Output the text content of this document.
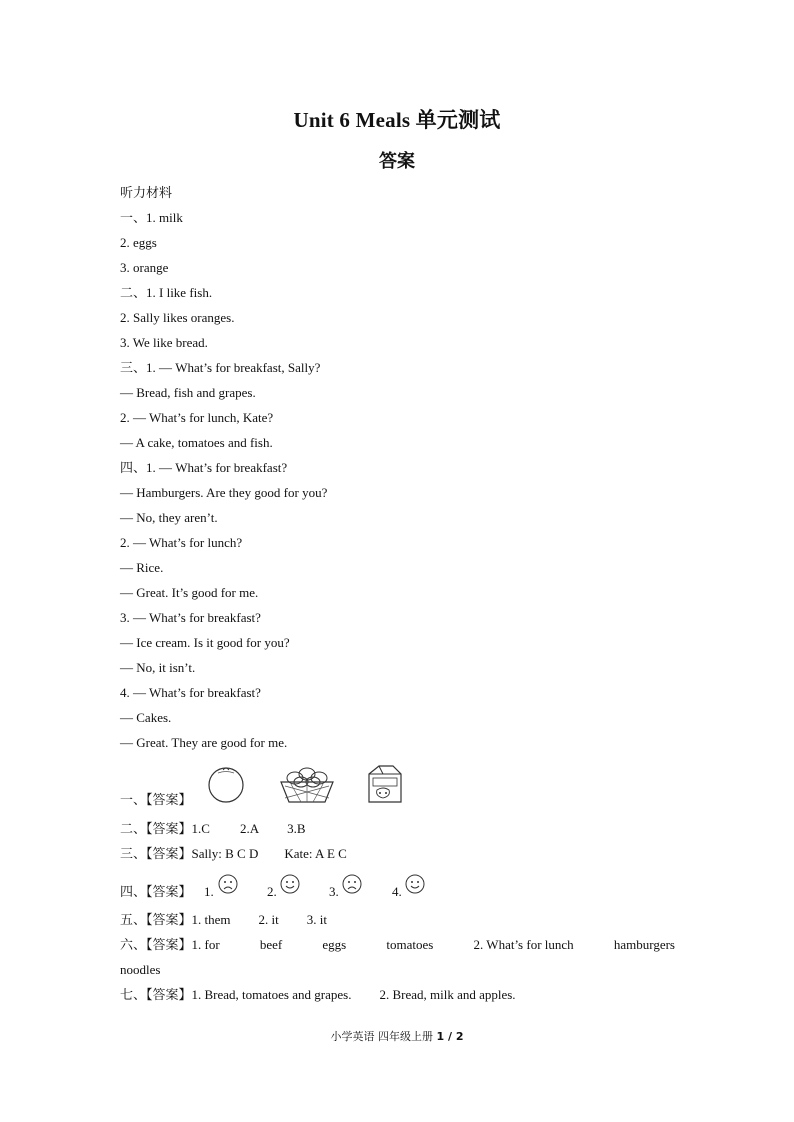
Unit 6 Meals 单元测试
答案
听力材料
一、1. milk
2. eggs
3. orange
二、1. I like fish.
2. Sally likes oranges.
3. We like bread.
三、1. — What’s for breakfast, Sally?
— Bread, fish and grapes.
2. — What’s for lunch, Kate?
— A cake, tomatoes and fish.
四、1. — What’s for breakfast?
— Hamburgers. Are they good for you?
— No, they aren’t.
2. — What’s for lunch?
— Rice.
— Great. It’s good for me.
3. — What’s for breakfast?
— Ice cream. Is it good for you?
— No, it isn’t.
4. — What’s for breakfast?
— Cakes.
— Great. They are good for me.
一、【答案】
二、【答案】1.C 2.A 3.B
三、【答案】Sally: B C D Kate: A E C
四、【答案】 1.	2.	3.	4.
五、【答案】1. them 2. it 3. it
六、【答案】1. for	beef	eggs	tomatoes	2. What’s for lunch	hamburgers
noodles
七、【答案】1. Bread, tomatoes and grapes. 2. Bread, milk and apples.
小学英语 四年级上册 1 / 2
